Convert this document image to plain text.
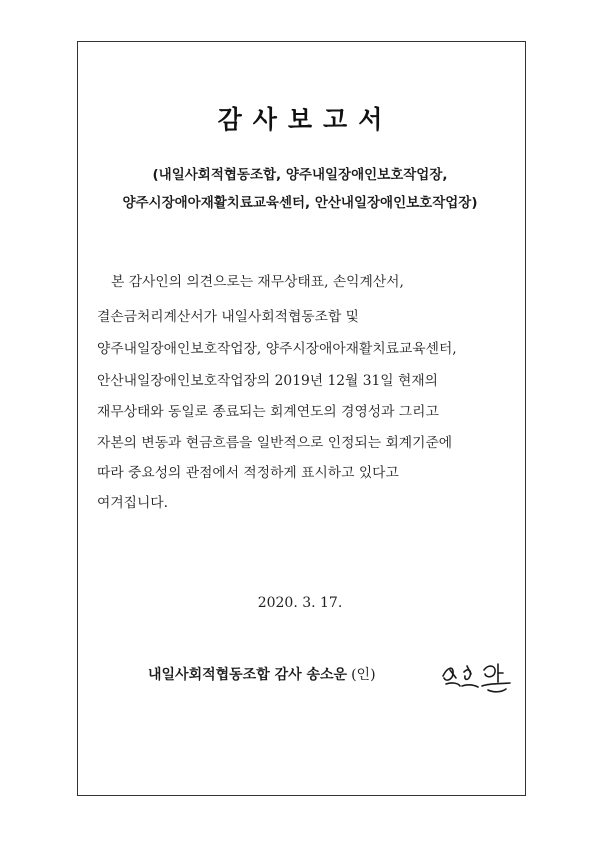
감사보고서
(내일사회적협동조합, 양주내일장애인보호작업장,
양주시장애아재활치료교육센터, 안산내일장애인보호작업장)
본 감사인의 의견으로는 재무상태표, 손익계산서,
결손금처리계산서가 내일사회적협동조합 및
양주내일장애인보호작업장, 양주시장애아재활치료교육센터,
안산내일장애인보호작업장의 2019년 12월 31일 현재의
재무상태와 동일로 종료되는 회계연도의 경영성과 그리고
자본의 변동과 현금흐름을 일반적으로 인정되는 회계기준에
따라 중요성의 관점에서 적정하게 표시하고 있다고
여겨집니다.
2020. 3. 17.
내일사회적협동조합 감사 송소운 (인)
